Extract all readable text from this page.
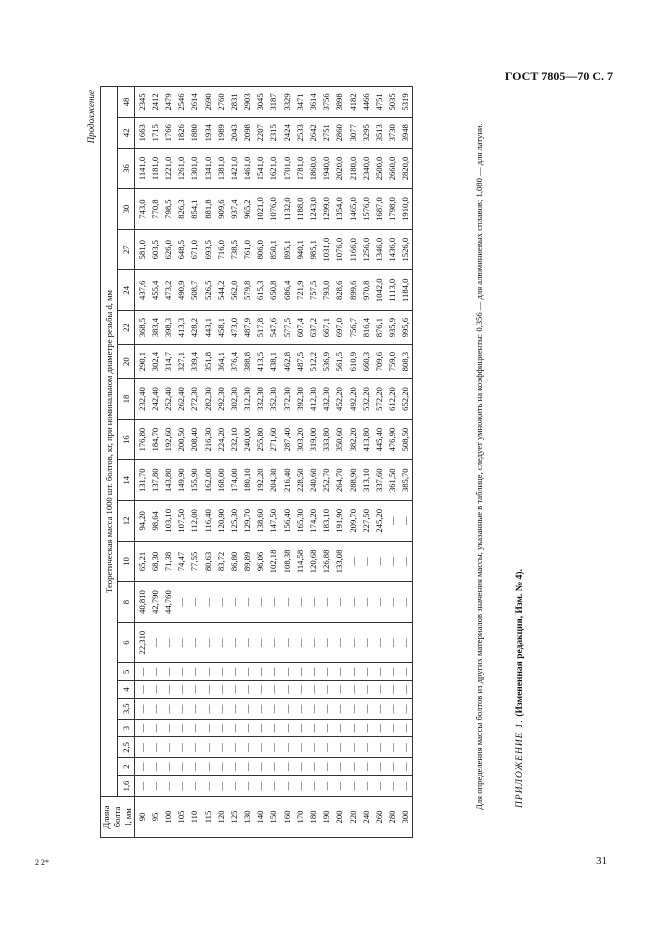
ГОСТ 7805—70 С. 7
Продолжение
Длина
болта
l, мм	Теоретическая масса 1000 шт. болтов, кг, при номинальном диаметре резьбы d, мм																					
	1,6	2	2,5	3	3,5	4	5	6	8	10	12	14	16	18	20	22	24	27	30	36	42	48
90	—	—	—	—	—	—	—	22,310	40,810	65,21	94,20	131,70	176,80	232,40	290,1	368,5	437,6	581,0	743,0	1141,0	1663	2345
95	—	—	—	—	—	—	—	—	42,790	68,30	98,64	137,80	184,70	242,40	302,4	383,4	455,4	603,5	770,8	1181,0	1715	2412
100	—	—	—	—	—	—	—	—	44,760	71,38	103,10	143,80	192,60	252,40	314,7	398,3	473,2	626,0	798,5	1221,0	1766	2479
105	—	—	—	—	—	—	—	—	—	74,47	107,50	149,90	200,50	262,40	327,1	413,3	490,9	648,5	826,3	1261,0	1826	2546
110	—	—	—	—	—	—	—	—	—	77,55	112,00	155,90	208,40	272,30	339,4	428,2	508,7	671,0	854,1	1301,0	1880	2614
115	—	—	—	—	—	—	—	—	—	80,63	116,40	162,00	216,30	282,30	351,8	443,1	526,5	693,5	881,8	1341,0	1934	2690
120	—	—	—	—	—	—	—	—	—	83,72	120,90	168,00	224,20	292,30	364,1	458,1	544,2	716,0	909,6	1381,0	1989	2760
125	—	—	—	—	—	—	—	—	—	86,80	125,30	174,00	232,10	302,30	376,4	473,0	562,0	738,5	937,4	1421,0	2043	2831
130	—	—	—	—	—	—	—	—	—	89,89	129,70	180,10	240,00	312,30	388,8	487,9	579,8	761,0	965,2	1461,0	2098	2903
140	—	—	—	—	—	—	—	—	—	96,06	138,60	192,20	255,80	332,30	413,5	517,8	615,3	806,0	1021,0	1541,0	2207	3045
150	—	—	—	—	—	—	—	—	—	102,18	147,50	204,30	271,60	352,30	438,1	547,6	650,8	850,1	1076,0	1621,0	2315	3187
160	—	—	—	—	—	—	—	—	—	108,38	156,40	216,40	287,40	372,30	462,8	577,5	686,4	895,1	1132,0	1701,0	2424	3329
170	—	—	—	—	—	—	—	—	—	114,58	165,30	228,50	303,20	392,30	487,5	607,4	721,9	940,1	1188,0	1781,0	2533	3471
180	—	—	—	—	—	—	—	—	—	120,68	174,20	240,60	319,00	412,30	512,2	637,2	757,5	985,1	1243,0	1860,0	2642	3614
190	—	—	—	—	—	—	—	—	—	126,88	183,10	252,70	333,80	432,30	536,9	667,1	793,0	1031,0	1299,0	1940,0	2751	3756
200	—	—	—	—	—	—	—	—	—	133,08	191,90	264,70	350,60	452,20	561,5	697,0	828,6	1076,0	1354,0	2020,0	2860	3898
220	—	—	—	—	—	—	—	—	—	—	209,70	288,90	382,20	492,20	610,9	756,7	899,6	1166,0	1465,0	2180,0	3077	4182
240	—	—	—	—	—	—	—	—	—	—	227,50	313,10	413,80	532,20	660,3	816,4	970,8	1256,0	1576,0	2340,0	3295	4466
260	—	—	—	—	—	—	—	—	—	—	245,20	337,60	445,40	572,20	709,6	876,1	1042,0	1346,0	1687,0	2500,0	3513	4751
280	—	—	—	—	—	—	—	—	—	—	—	361,50	476,90	612,20	759,0	935,9	1113,0	1436,0	1798,0	2660,0	3730	5035
300	—	—	—	—	—	—	—	—	—	—	—	385,70	508,50	652,20	808,3	995,6	1184,0	1526,0	1910,0	2820,0	3948	5319
Для определения массы болтов из других материалов значения массы, указанные в таблице, следует умножить на коэффициенты: 0,356 — для алюминиевых сплавов; 1,080 — для латуни.	ПРИЛОЖЕНИЕ 1. (Измененная редакция, Изм. № 4).
2 2*	31
